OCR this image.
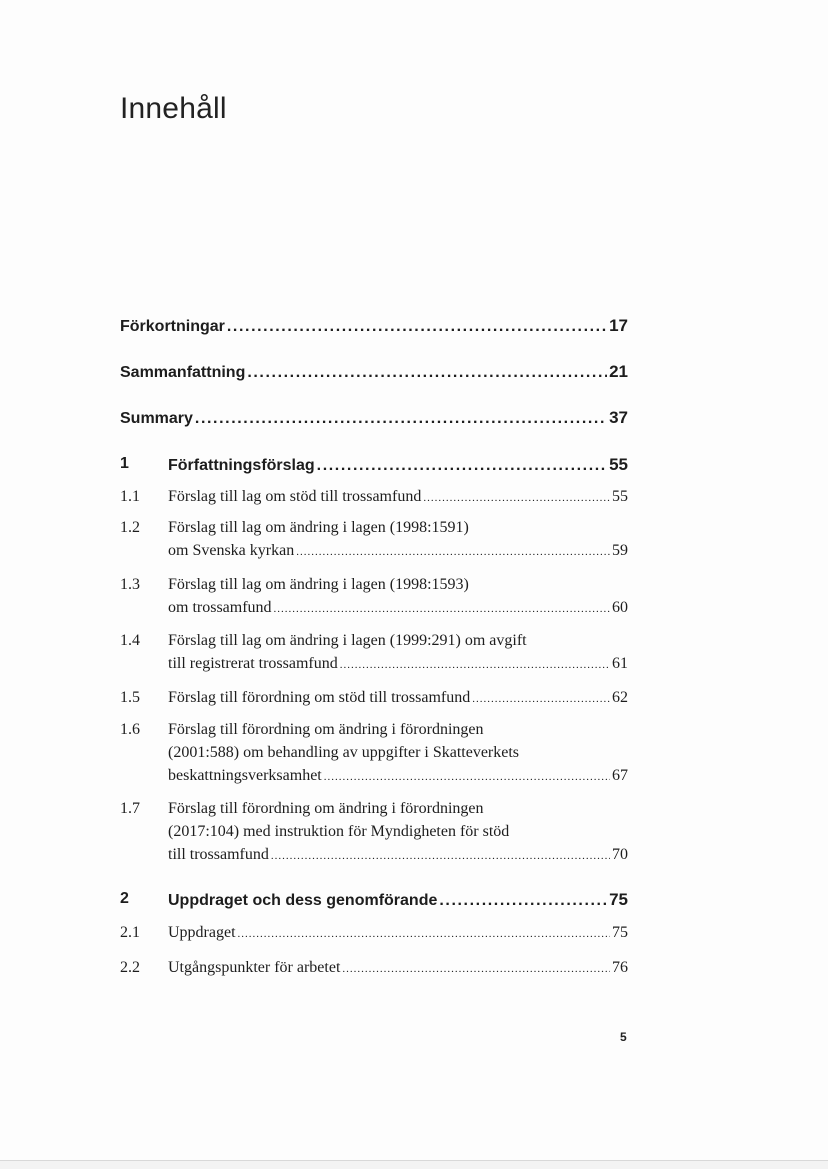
Innehåll
Förkortningar .....	17
Sammanfattning .....	21
Summary .....	37
1 Författningsförslag .....	55
1.1 Förslag till lag om stöd till trossamfund .....	55
1.2 Förslag till lag om ändring i lagen (1998:1591)
om Svenska kyrkan .....	59
1.3 Förslag till lag om ändring i lagen (1998:1593)
om trossamfund .....	60
1.4 Förslag till lag om ändring i lagen (1999:291) om avgift
till registrerat trossamfund .....	61
1.5 Förslag till förordning om stöd till trossamfund .....	62
1.6 Förslag till förordning om ändring i förordningen
(2001:588) om behandling av uppgifter i Skatteverkets
beskattningsverksamhet .....	67
1.7 Förslag till förordning om ändring i förordningen
(2017:104) med instruktion för Myndigheten för stöd
till trossamfund .....	70
2 Uppdraget och dess genomförande .....	75
2.1 Uppdraget .....	75
2.2 Utgångspunkter för arbetet .....	76
5
